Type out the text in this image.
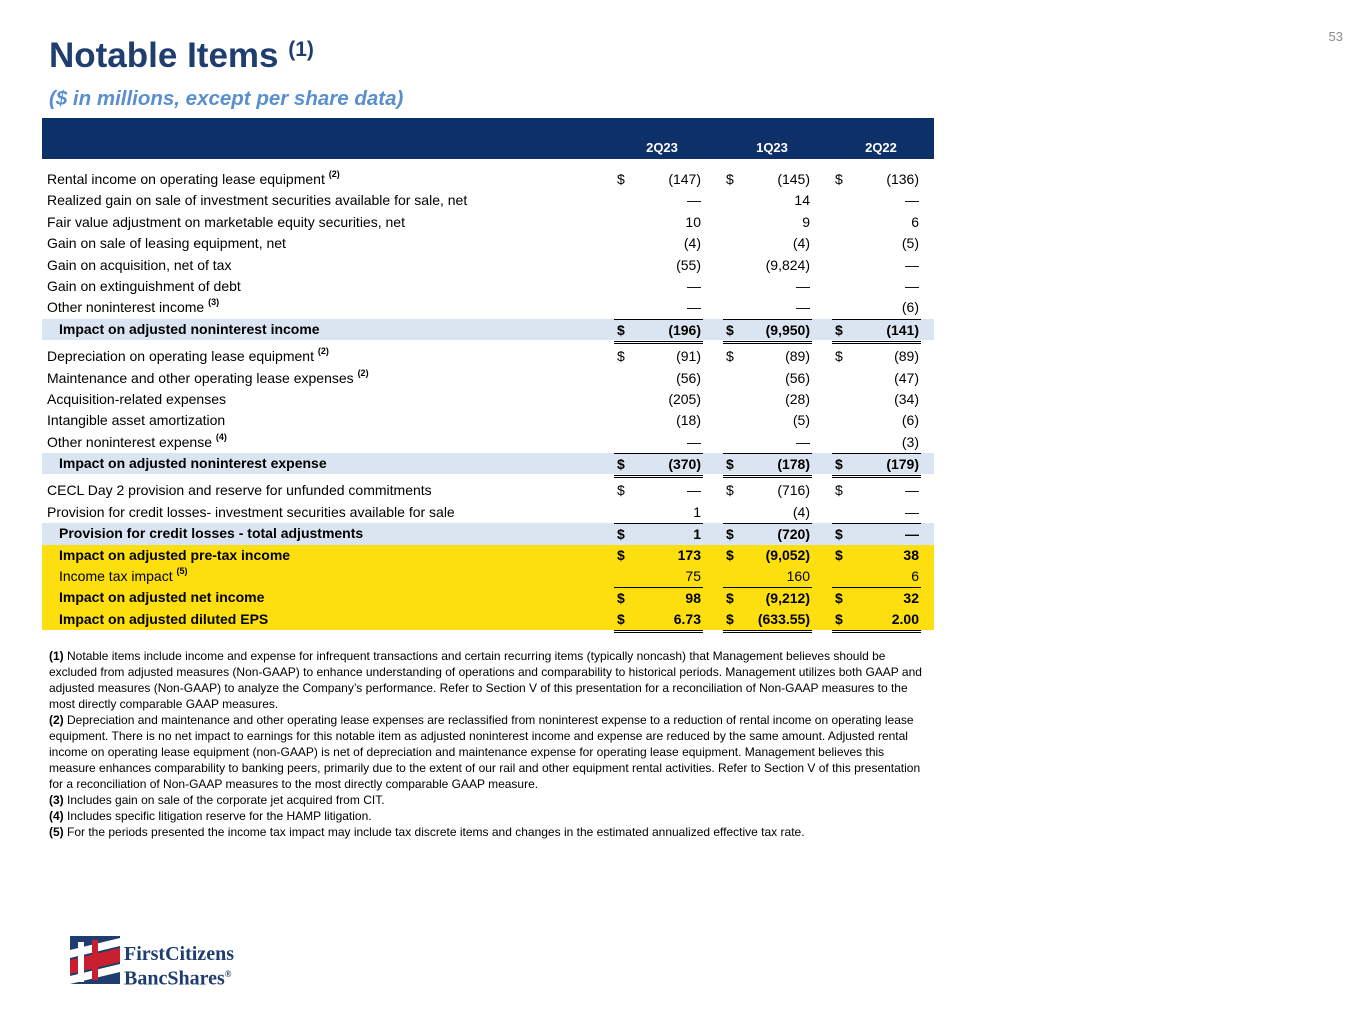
53
Notable Items $^{(1)}$
($ in millions, except per share data)
2Q23	1Q23	2Q22
Rental income on operating lease equipment $^{(2)}$	$	(147) $	(145) $	(136)
Realized gain on sale of investment securities available for sale, net	—	14	—
Fair value adjustment on marketable equity securities, net	10	9	6
Gain on sale of leasing equipment, net	(4)	(4)	(5)
Gain on acquisition, net of tax	(55)	(9,824)	—
Gain on extinguishment of debt	—	—	—
Other noninterest income $^{(3)}$	—	—	(6)
Impact on adjusted noninterest income	$	(196) $ (9,950) $	(141)
Depreciation on operating lease equipment $^{(2)}$	$	(91) $	(89) $	(89)
Maintenance and other operating lease expenses $^{(2)}$	(56)	(56)	(47)
Acquisition-related expenses	(205)	(28)	(34)
Intangible asset amortization	(18)	(5)	(6)
Other noninterest expense $^{(4)}$	—	—	(3)
Impact on adjusted noninterest expense	$	(370) $	(178) $	(179)
CECL Day 2 provision and reserve for unfunded commitments	$	— $	(716) $	—
Provision for credit losses- investment securities available for sale	1	(4)	—
Provision for credit losses - total adjustments	$	1 $	(720) $	—
Impact on adjusted pre-tax income	$	173 $ (9,052) $	38
Income tax impact $^{(5)}$	75	160	6
Impact on adjusted net income	$	98 $ (9,212) $	32
Impact on adjusted diluted EPS	$	6.73 $ (633.55) $	2.00

(1) Notable items include income and expense for infrequent transactions and certain recurring items (typically noncash) that Management believes should be excluded from adjusted measures (Non-GAAP) to enhance understanding of operations and comparability to historical periods. Management utilizes both GAAP and adjusted measures (Non-GAAP) to analyze the Company’s performance. Refer to Section V of this presentation for a reconciliation of Non-GAAP measures to the most directly comparable GAAP measures.

(2) Depreciation and maintenance and other operating lease expenses are reclassified from noninterest expense to a reduction of rental income on operating lease equipment. There is no net impact to earnings for this notable item as adjusted noninterest income and expense are reduced by the same amount. Adjusted rental income on operating lease equipment (non-GAAP) is net of depreciation and maintenance expense for operating lease equipment. Management believes this measure enhances comparability to banking peers, primarily due to the extent of our rail and other equipment rental activities. Refer to Section V of this presentation for a reconciliation of Non-GAAP measures to the most directly comparable GAAP measure.

(3) Includes gain on sale of the corporate jet acquired from CIT.

(4) Includes specific litigation reserve for the HAMP litigation.

(5) For the periods presented the income tax impact may include tax discrete items and changes in the estimated annualized effective tax rate.

FirstCitizens
BancShares®
